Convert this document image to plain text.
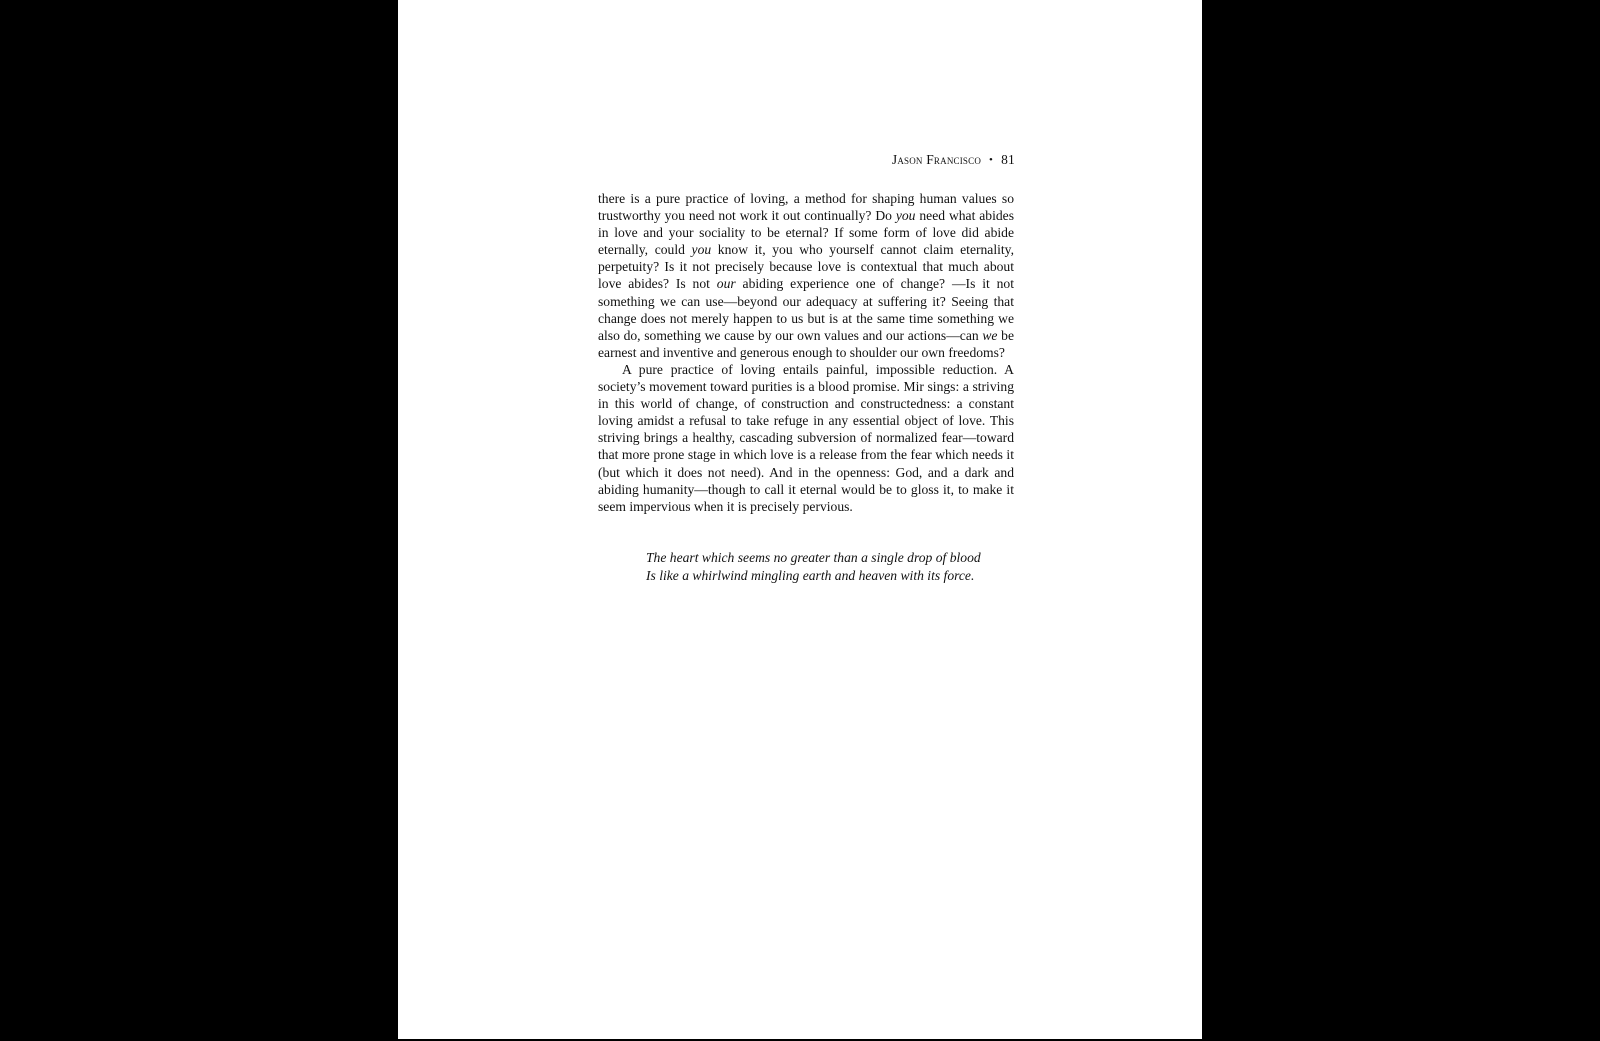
Jason Francisco • 81

there is a pure practice of loving, a method for shaping human values so trustworthy you need not work it out continually? Do you need what abides in love and your sociality to be eternal? If some form of love did abide eternally, could you know it, you who yourself cannot claim eternality, perpetuity? Is it not precisely because love is contextual that much about love abides? Is not our abiding experience one of change? —Is it not something we can use—beyond our adequacy at suffering it? Seeing that change does not merely happen to us but is at the same time something we also do, something we cause by our own values and our actions—can we be earnest and inventive and generous enough to shoulder our own freedoms?

A pure practice of loving entails painful, impossible reduction. A society’s movement toward purities is a blood promise. Mir sings: a striving in this world of change, of construction and constructedness: a constant loving amidst a refusal to take refuge in any essential object of love. This striving brings a healthy, cascading subversion of normalized fear—toward that more prone stage in which love is a release from the fear which needs it (but which it does not need). And in the openness: God, and a dark and abiding humanity—though to call it eternal would be to gloss it, to make it seem impervious when it is precisely pervious.

The heart which seems no greater than a single drop of blood
Is like a whirlwind mingling earth and heaven with its force.
